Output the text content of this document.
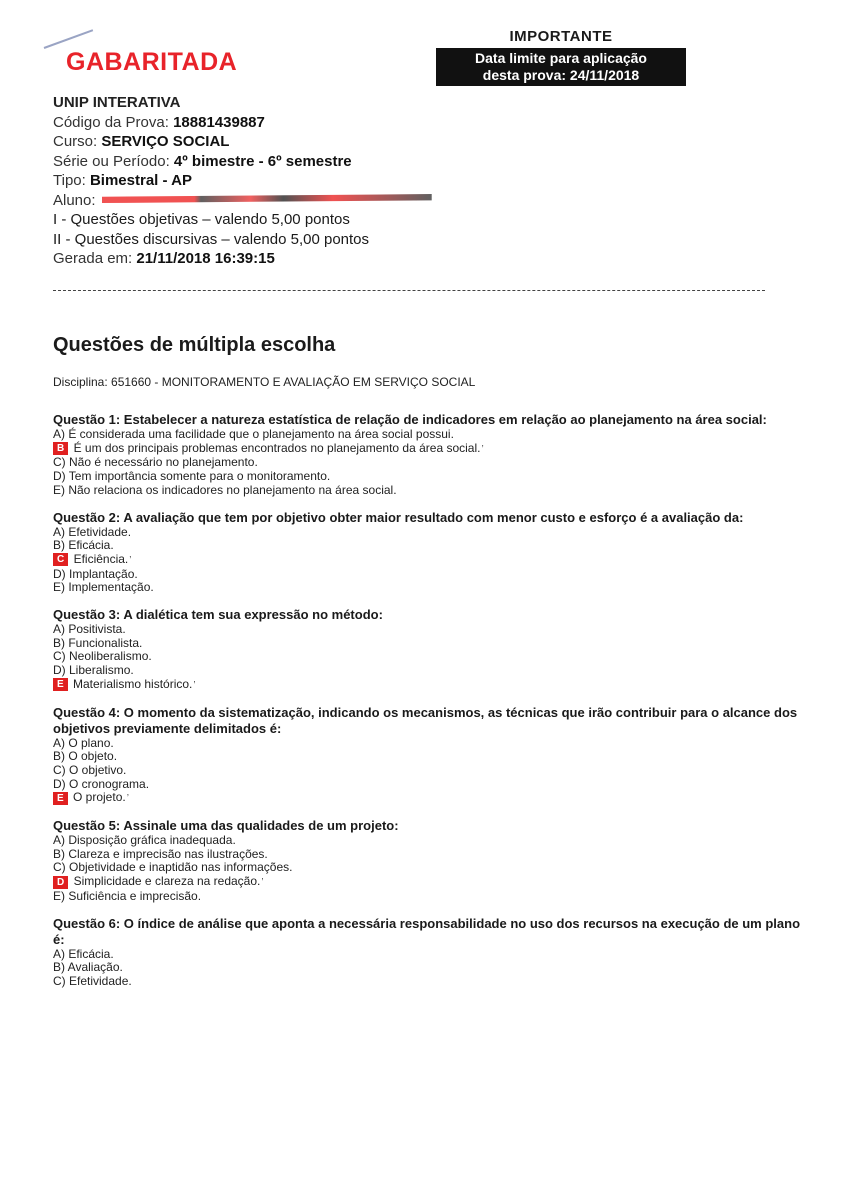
GABARITADA
IMPORTANTE
Data limite para aplicação
desta prova: 24/11/2018
UNIP INTERATIVA
Código da Prova: 18881439887
Curso: SERVIÇO SOCIAL
Série ou Período: 4º bimestre - 6º semestre
Tipo: Bimestral - AP
Aluno:
I - Questões objetivas – valendo 5,00 pontos
II - Questões discursivas – valendo 5,00 pontos
Gerada em: 21/11/2018 16:39:15
Questões de múltipla escolha
Disciplina: 651660 - MONITORAMENTO E AVALIAÇÃO EM SERVIÇO SOCIAL
Questão 1: Estabelecer a natureza estatística de relação de indicadores em relação ao planejamento na área social:
A) É considerada uma facilidade que o planejamento na área social possui.
B É um dos principais problemas encontrados no planejamento da área social.’
C) Não é necessário no planejamento.
D) Tem importância somente para o monitoramento.
E) Não relaciona os indicadores no planejamento na área social.
Questão 2: A avaliação que tem por objetivo obter maior resultado com menor custo e esforço é a avaliação da:
A) Efetividade.
B) Eficácia.
C Eficiência.’
D) Implantação.
E) Implementação.
Questão 3: A dialética tem sua expressão no método:
A) Positivista.
B) Funcionalista.
C) Neoliberalismo.
D) Liberalismo.
E Materialismo histórico.’
Questão 4: O momento da sistematização, indicando os mecanismos, as técnicas que irão contribuir para o alcance dos objetivos previamente delimitados é:
A) O plano.
B) O objeto.
C) O objetivo.
D) O cronograma.
E O projeto.’
Questão 5: Assinale uma das qualidades de um projeto:
A) Disposição gráfica inadequada.
B) Clareza e imprecisão nas ilustrações.
C) Objetividade e inaptidão nas informações.
D Simplicidade e clareza na redação.’
E) Suficiência e imprecisão.
Questão 6: O índice de análise que aponta a necessária responsabilidade no uso dos recursos na execução de um plano é:
A) Eficácia.
B) Avaliação.
C) Efetividade.
